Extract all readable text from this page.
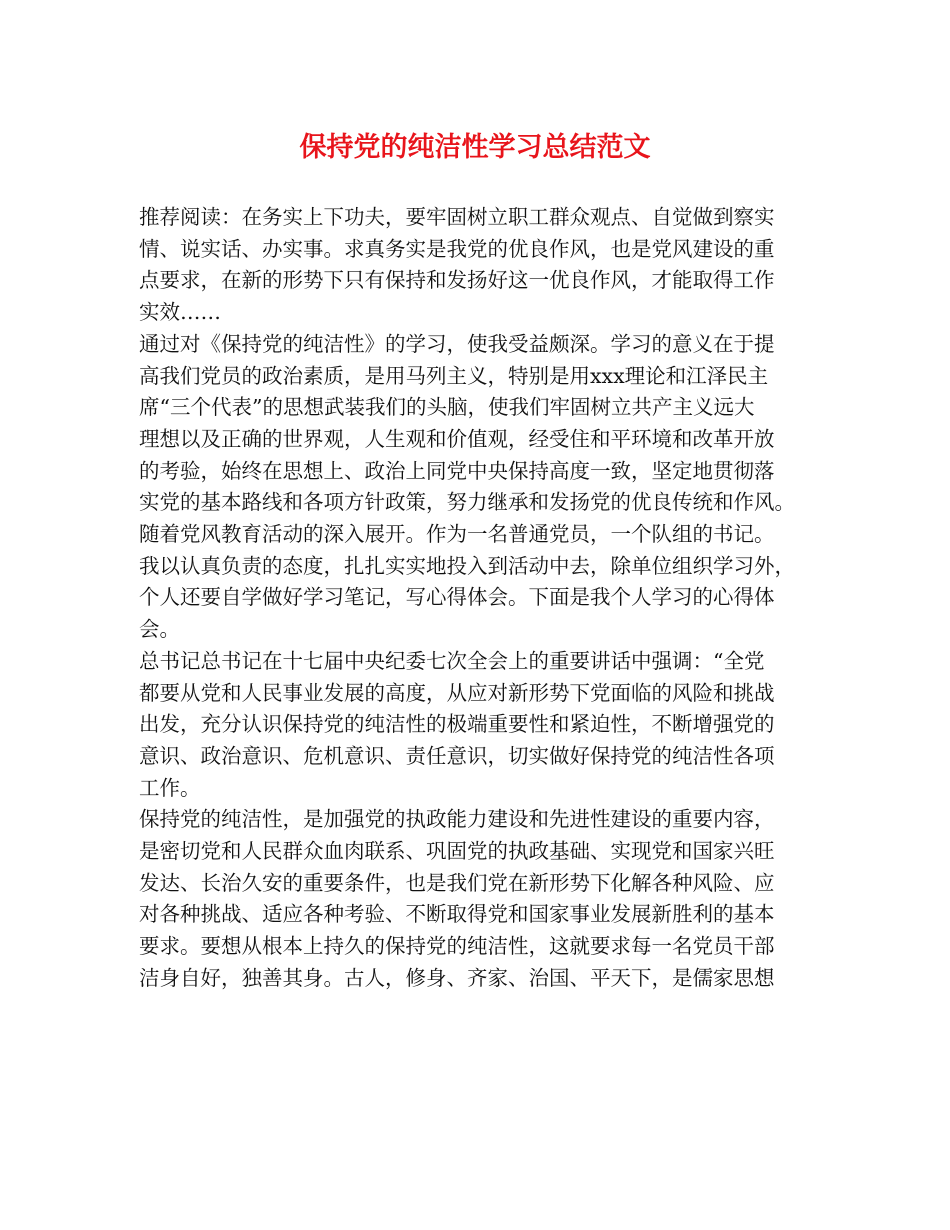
保持党的纯洁性学习总结范文
推荐阅读：在务实上下功夫，要牢固树立职工群众观点、自觉做到察实
情、说实话、办实事。求真务实是我党的优良作风，也是党风建设的重
点要求，在新的形势下只有保持和发扬好这一优良作风，才能取得工作
实效……
通过对《保持党的纯洁性》的学习，使我受益颇深。学习的意义在于提
高我们党员的政治素质，是用马列主义，特别是用xxx理论和江泽民主
席“三个代表”的思想武装我们的头脑，使我们牢固树立共产主义远大
理想以及正确的世界观，人生观和价值观，经受住和平环境和改革开放
的考验，始终在思想上、政治上同党中央保持高度一致，坚定地贯彻落
实党的基本路线和各项方针政策，努力继承和发扬党的优良传统和作风。
随着党风教育活动的深入展开。作为一名普通党员，一个队组的书记。
我以认真负责的态度，扎扎实实地投入到活动中去，除单位组织学习外，
个人还要自学做好学习笔记，写心得体会。下面是我个人学习的心得体
会。
总书记总书记在十七届中央纪委七次全会上的重要讲话中强调：“全党
都要从党和人民事业发展的高度，从应对新形势下党面临的风险和挑战
出发，充分认识保持党的纯洁性的极端重要性和紧迫性，不断增强党的
意识、政治意识、危机意识、责任意识，切实做好保持党的纯洁性各项
工作。
保持党的纯洁性，是加强党的执政能力建设和先进性建设的重要内容，
是密切党和人民群众血肉联系、巩固党的执政基础、实现党和国家兴旺
发达、长治久安的重要条件，也是我们党在新形势下化解各种风险、应
对各种挑战、适应各种考验、不断取得党和国家事业发展新胜利的基本
要求。要想从根本上持久的保持党的纯洁性，这就要求每一名党员干部
洁身自好，独善其身。古人，修身、齐家、治国、平天下，是儒家思想
